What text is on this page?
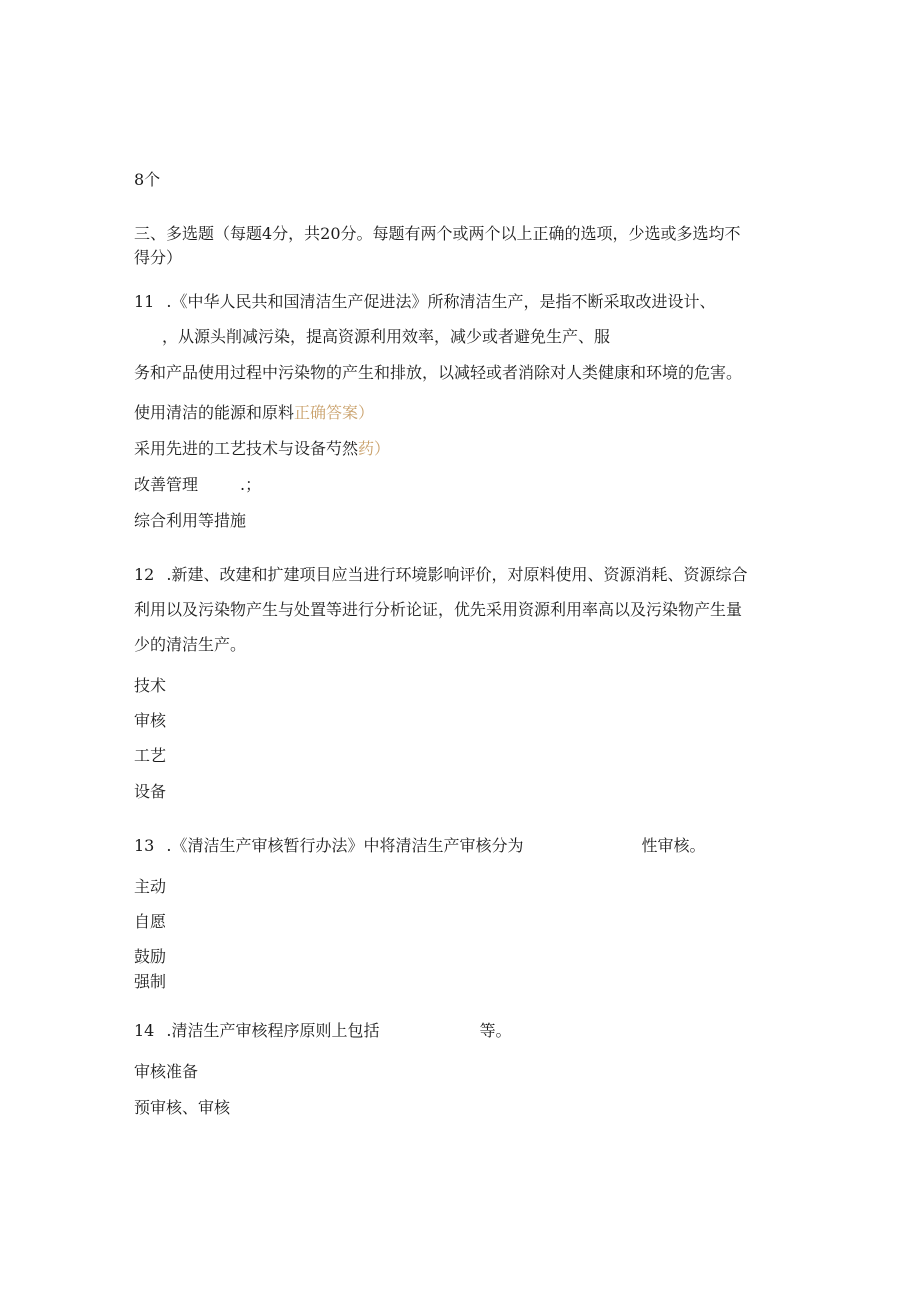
8个
三、多选题（每题4分，共20分。每题有两个或两个以上正确的选项，少选或多选均不
得分）
11 .《中华人民共和国清洁生产促进法》所称清洁生产，是指不断采取改进设计、
，从源头削减污染，提高资源利用效率，减少或者避免生产、服
务和产品使用过程中污染物的产生和排放，以减轻或者消除对人类健康和环境的危害。
使用清洁的能源和原料正确答案）
采用先进的工艺技术与设备芍然药）
改善管理	.；
综合利用等措施
12 .新建、改建和扩建项目应当进行环境影响评价，对原料使用、资源消耗、资源综合
利用以及污染物产生与处置等进行分析论证，优先采用资源利用率高以及污染物产生量
少的清洁生产。
技术
审核
工艺
设备
13 .《清洁生产审核暂行办法》中将清洁生产审核分为	性审核。
主动
自愿
鼓励
强制
14 .清洁生产审核程序原则上包括	等。
审核准备
预审核、审核
